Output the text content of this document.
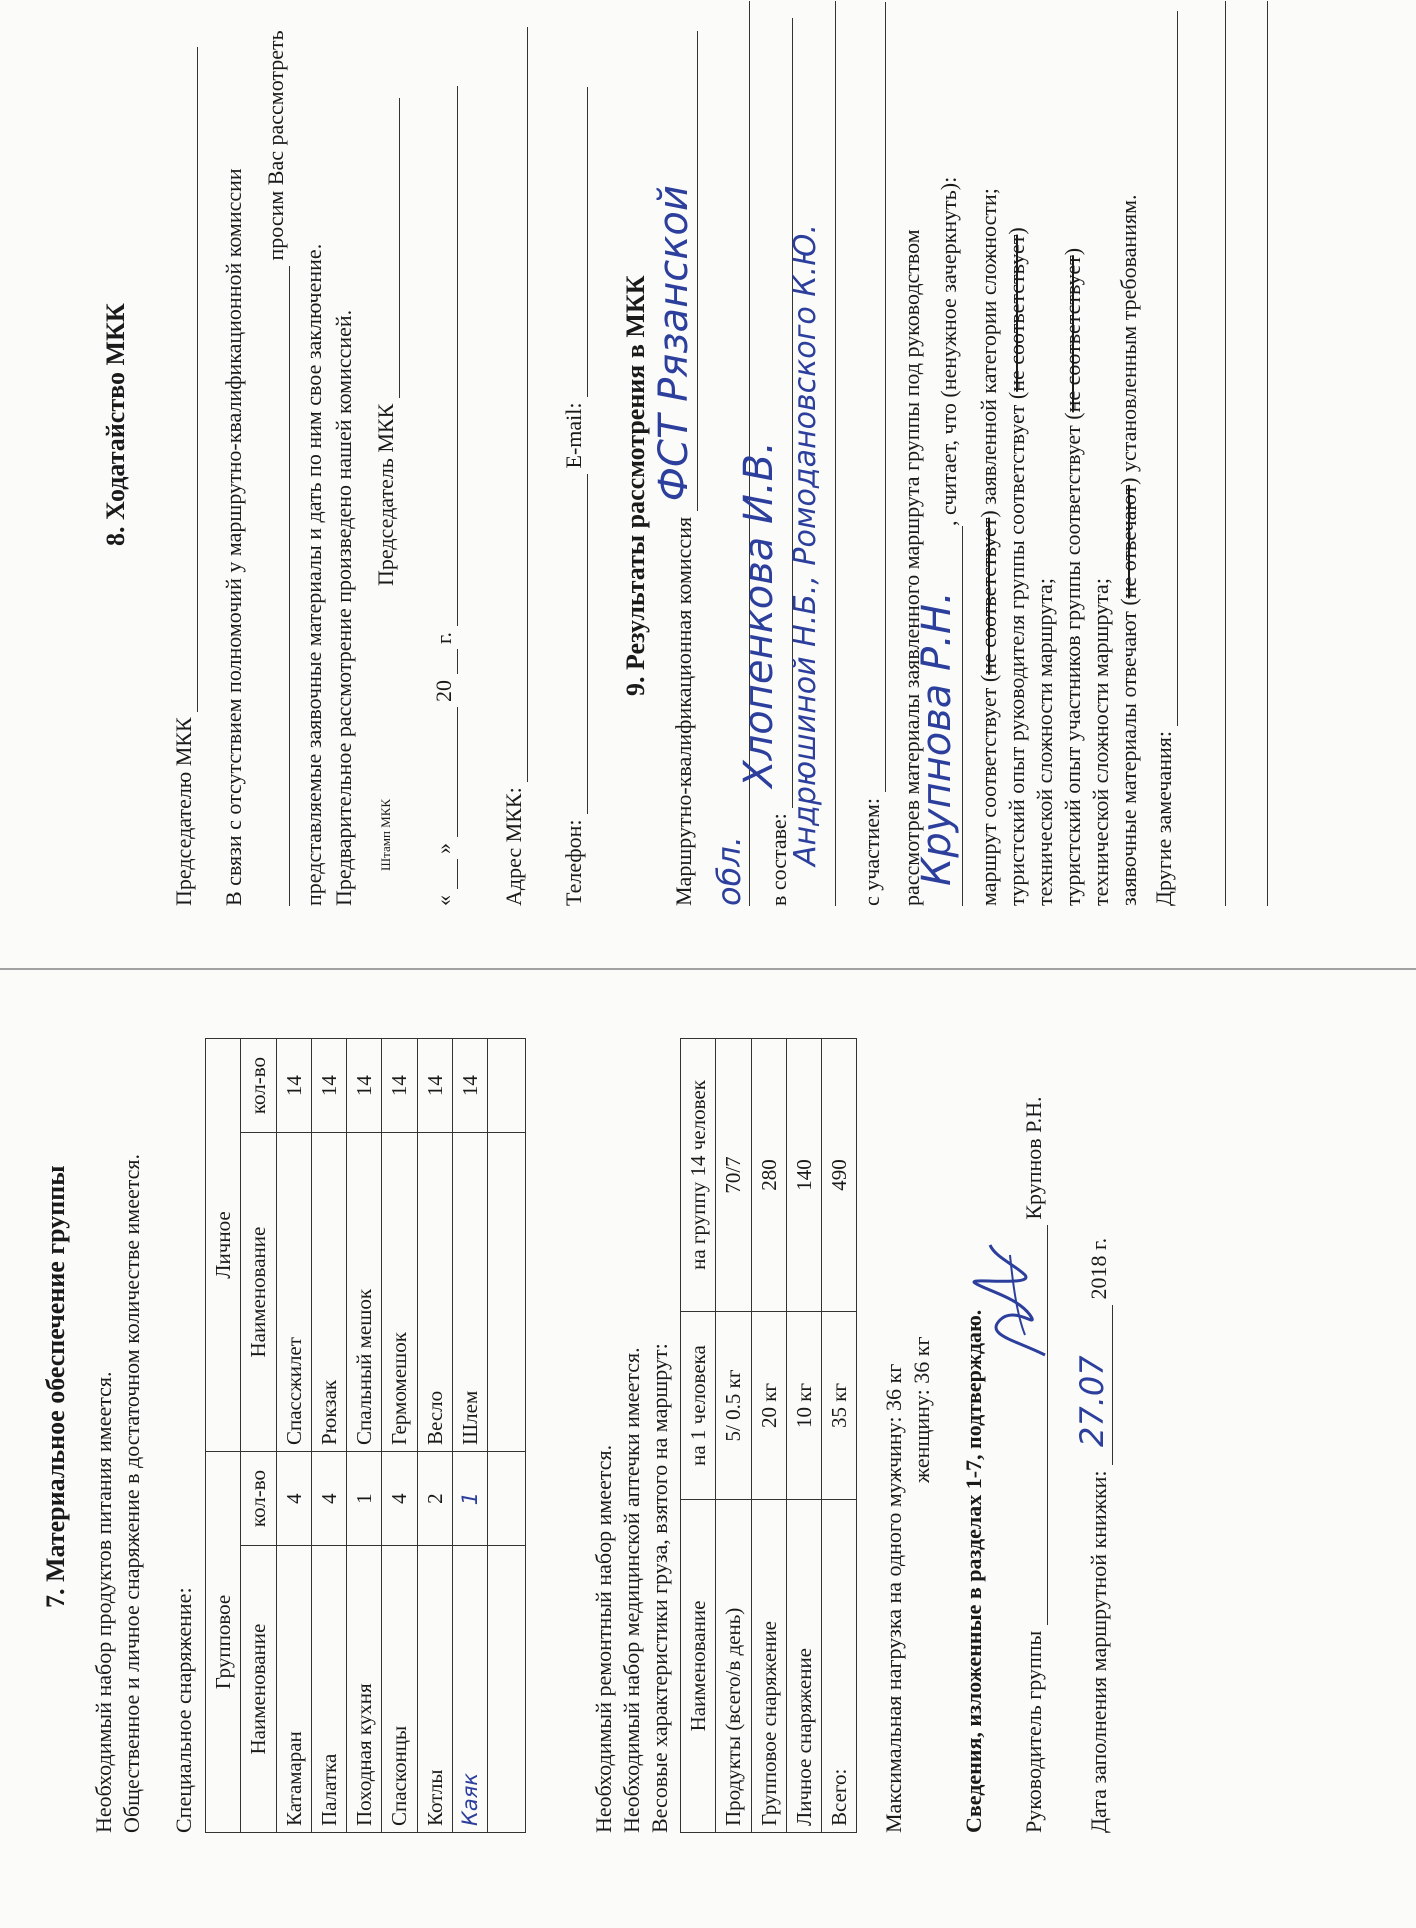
7. Материальное обеспечение группы Необходимый набор продуктов питания имеется. Общественное и личное снаряжение в достаточном количестве имеется. Специальное снаряжение: Групповое		Личное	
Наименование	кол-во	Наименование	кол-во
Катамаран	4	Спассжилет	14
Палатка	4	Рюкзак	14
Походная кухня	1	Спальный мешок	14
Спасконцы	4	Гермомешок	14
Котлы	2	Весло	14
Каяк	1	Шлем	14

Необходимый ремонтный набор имеется. Необходимый набор медицинской аптечки имеется. Весовые характеристики груза, взятого на маршрут: Наименование	на 1 человека	на группу 14 человек
Продукты (всего/в день)	5/ 0.5 кг	70/7
Групповое снаряжение	20 кг	280
Личное снаряжение	10 кг	140
Всего:	35 кг	490
Максимальная нагрузка на одного мужчину: 36 кг женщину: 36 кг Сведения, изложенные в разделах 1-7, подтверждаю. Руководитель группы
Крупнов Р.Н.
Дата заполнения маршрутной книжки:
27.07
2018 г.
8. Ходатайство МКК
Председателю МКК В связи с отсутствием полномочий у маршрутно-квалификационной комиссии
просим Вас рассмотреть
представляемые заявочные материалы и дать по ним свое заключение. Предварительное рассмотрение произведено нашей комиссией. Штамп МКК
Председатель МКК
«  »  20  г.
Адрес МКК: Телефон:  E-mail: 9. Результаты рассмотрения в МКК
Маршрутно-квалификационная комиссия
ФСТ Рязанской
обл. в составе:
Хлопенкова И.В. Андрюшиной Н.Б., Ромодановского К.Ю. с участием: рассмотрев материалы заявленного маршрута группы под руководством
Крупнова Р.Н.
, считает, что (ненужное зачеркнуть):
маршрут соответствует (не соответствует) заявленной категории сложности;
туристский опыт руководителя группы соответствует (не соответствует)
технической сложности маршрута; туристский опыт участников группы соответствует (не соответствует)
технической сложности маршрута; заявочные материалы отвечают (не отвечают) установленным требованиям.
Другие замечания:
